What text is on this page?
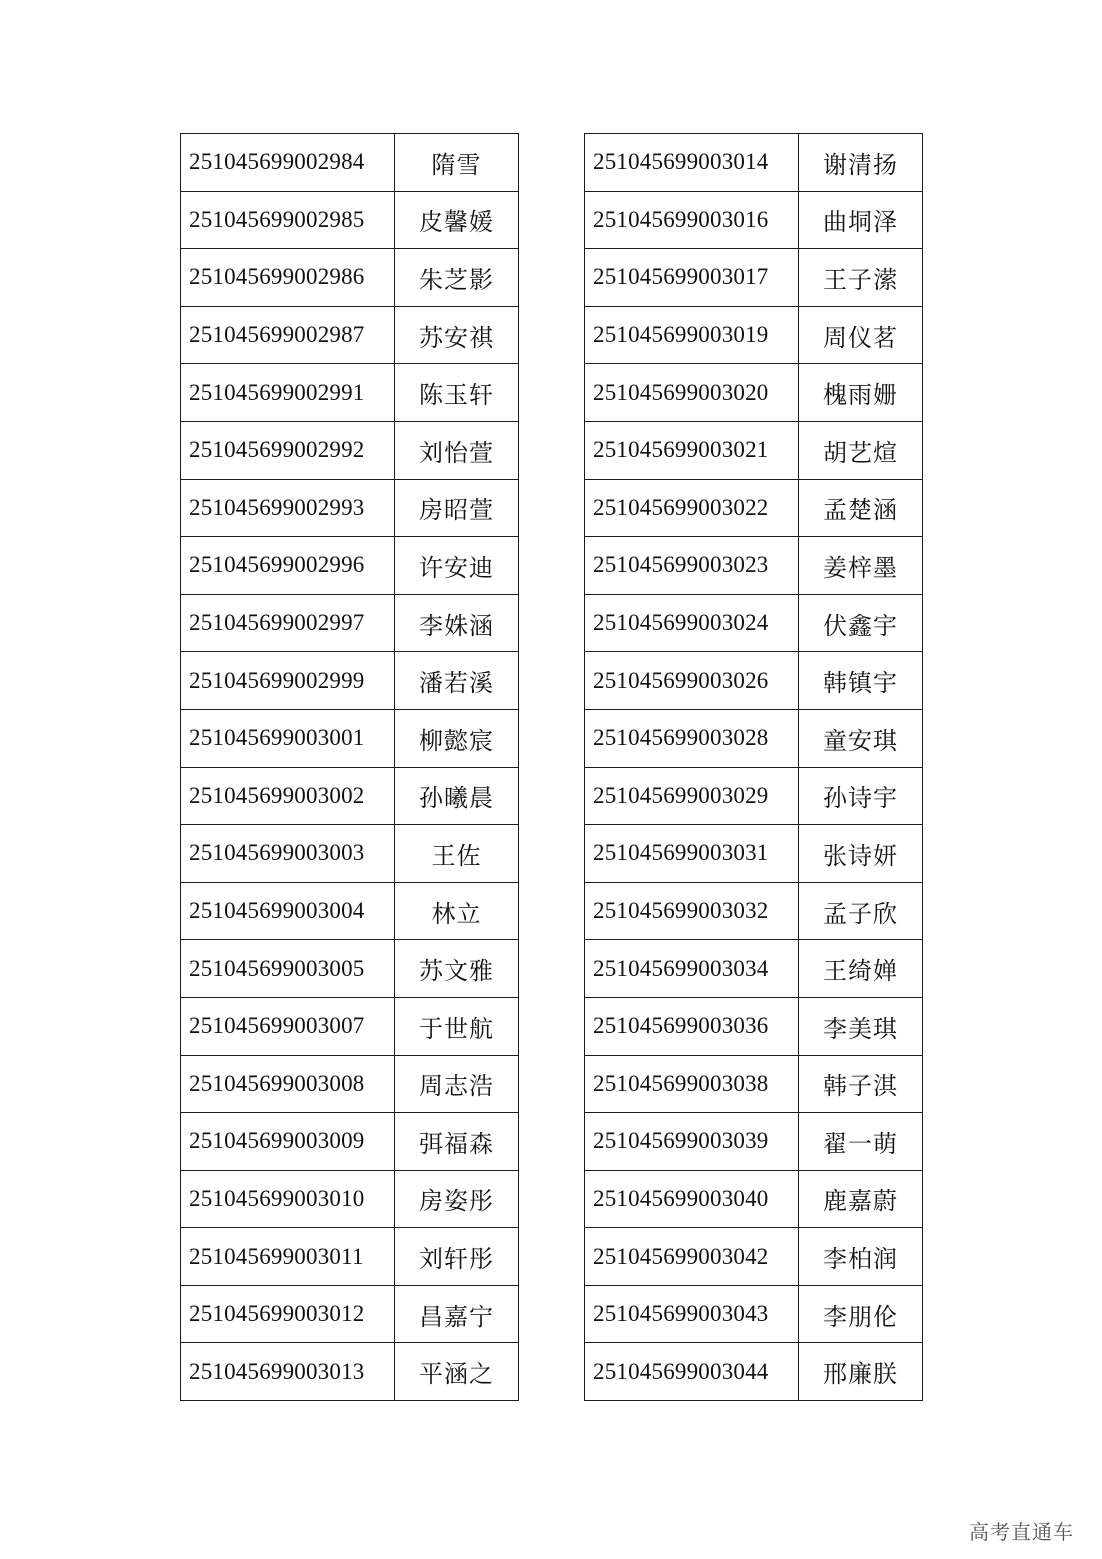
251045699002984	隋雪
251045699002985	皮馨媛
251045699002986	朱芝影
251045699002987	苏安祺
251045699002991	陈玉轩
251045699002992	刘怡萱
251045699002993	房昭萱
251045699002996	许安迪
251045699002997	李姝涵
251045699002999	潘若溪
251045699003001	柳懿宸
251045699003002	孙曦晨
251045699003003	王佐
251045699003004	林立
251045699003005	苏文雅
251045699003007	于世航
251045699003008	周志浩
251045699003009	弭福森
251045699003010	房姿彤
251045699003011	刘轩彤
251045699003012	昌嘉宁
251045699003013	平涵之
251045699003014	谢清扬
251045699003016	曲垌泽
251045699003017	王子潆
251045699003019	周仪茗
251045699003020	槐雨姗
251045699003021	胡艺煊
251045699003022	孟楚涵
251045699003023	姜梓墨
251045699003024	伏鑫宇
251045699003026	韩镇宇
251045699003028	童安琪
251045699003029	孙诗宇
251045699003031	张诗妍
251045699003032	孟子欣
251045699003034	王绮婵
251045699003036	李美琪
251045699003038	韩子淇
251045699003039	翟一萌
251045699003040	鹿嘉蔚
251045699003042	李柏润
251045699003043	李朋伦
251045699003044	邢廉朕
高考直通车
